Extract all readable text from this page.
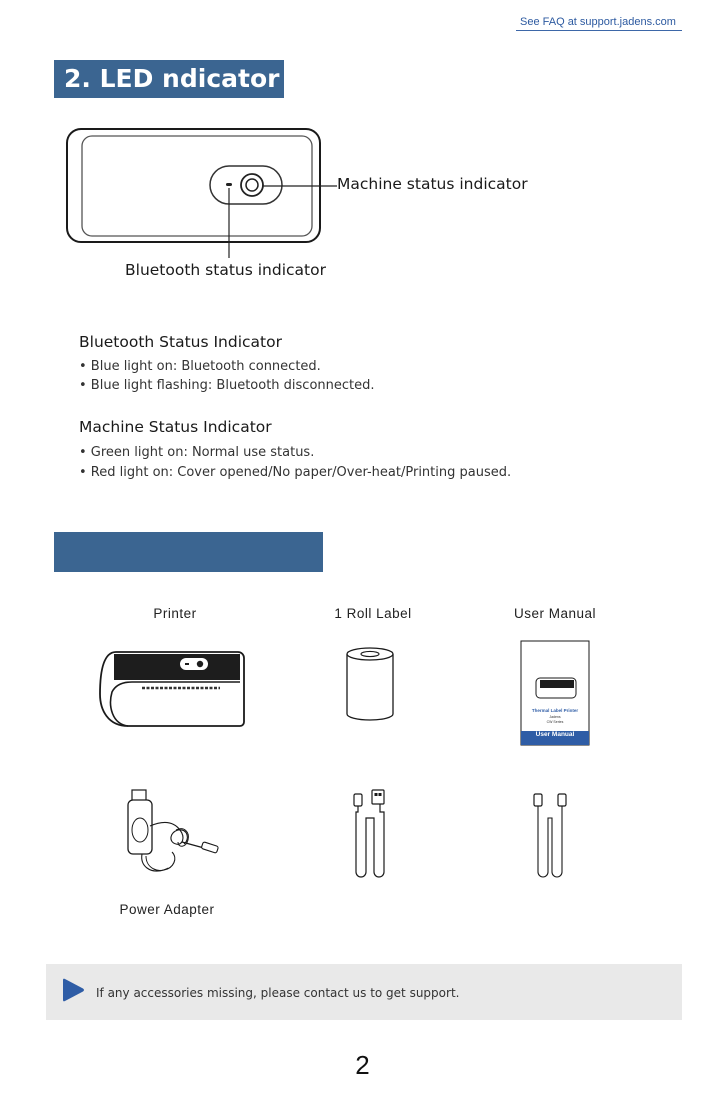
See FAQ at support.jadens.com
2. LED ndicator
Machine status indicator
Bluetooth status indicator
Bluetooth Status Indicator
• Blue light on: Bluetooth connected.
• Blue light flashing: Bluetooth disconnected.
Machine Status Indicator
• Green light on: Normal use status.
• Red light on: Cover opened/No paper/Over-heat/Printing paused.
Printer	1 Roll Label	User Manual
Thermal Label Printer
Jadens
CW Series
User Manual
Power Adapter
If any accessories missing, please contact us to get support.
2
